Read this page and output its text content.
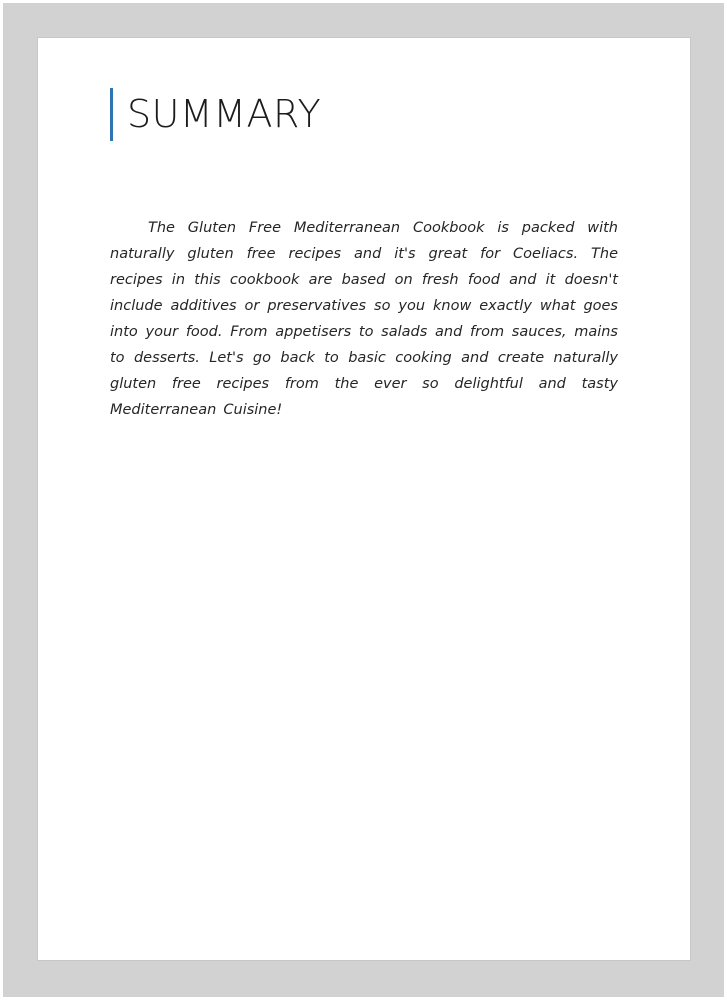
SUMMARY

The Gluten Free Mediterranean Cookbook is packed with naturally gluten free recipes and it's great for Coeliacs. The recipes in this cookbook are based on fresh food and it doesn't include additives or preservatives so you know exactly what goes into your food. From appetisers to salads and from sauces, mains to desserts. Let's go back to basic cooking and create naturally gluten free recipes from the ever so delightful and tasty Mediterranean Cuisine!
